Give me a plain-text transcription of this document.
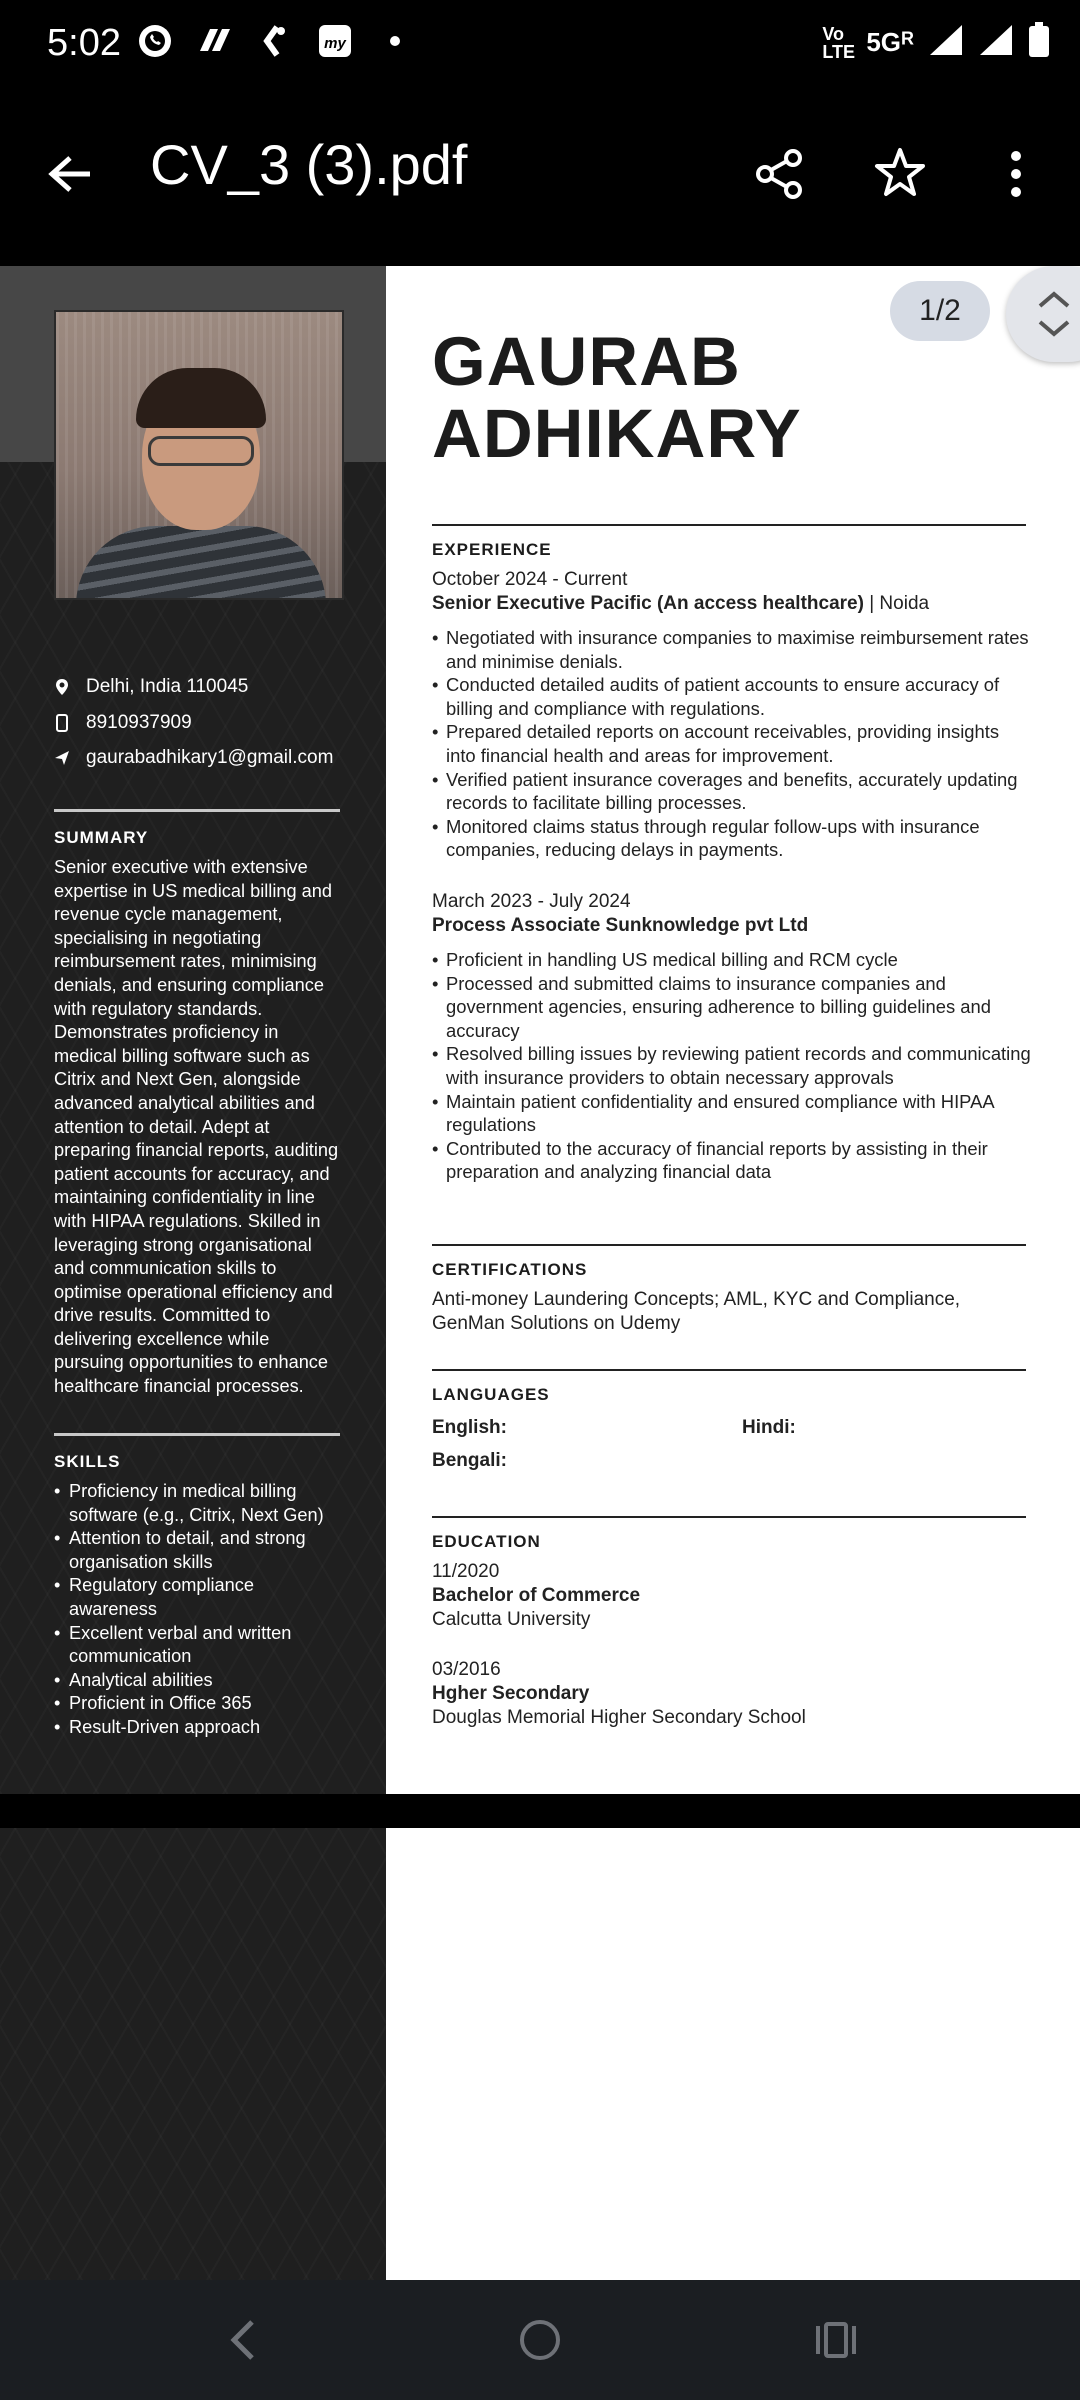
5:02	my	Vo LTE $5G^R$
CV_3 (3).pdf
Delhi, India 110045
8910937909
gaurabadhikary1@gmail.com
SUMMARY
Senior executive with extensive
expertise in US medical billing and
revenue cycle management,
specialising in negotiating
reimbursement rates, minimising
denials, and ensuring compliance
with regulatory standards.
Demonstrates proficiency in
medical billing software such as
Citrix and Next Gen, alongside
advanced analytical abilities and
attention to detail. Adept at
preparing financial reports, auditing
patient accounts for accuracy, and
maintaining confidentiality in line
with HIPAA regulations. Skilled in
leveraging strong organisational
and communication skills to
optimise operational efficiency and
drive results. Committed to
delivering excellence while
pursuing opportunities to enhance
healthcare financial processes.
SKILLS
• Proficiency in medical billing software (e.g., Citrix, Next Gen)
• Attention to detail, and strong organisation skills
• Regulatory compliance awareness
• Excellent verbal and written communication
• Analytical abilities
• Proficient in Office 365
• Result-Driven approach
1/2
GAURAB
ADHIKARY
EXPERIENCE
October 2024 - Current
Senior Executive Pacific (An access healthcare) | Noida
• Negotiated with insurance companies to maximise reimbursement rates and minimise denials.
• Conducted detailed audits of patient accounts to ensure accuracy of billing and compliance with regulations.
• Prepared detailed reports on account receivables, providing insights into financial health and areas for improvement.
• Verified patient insurance coverages and benefits, accurately updating records to facilitate billing processes.
• Monitored claims status through regular follow-ups with insurance companies, reducing delays in payments.
March 2023 - July 2024
Process Associate Sunknowledge pvt Ltd
• Proficient in handling US medical billing and RCM cycle
• Processed and submitted claims to insurance companies and government agencies, ensuring adherence to billing guidelines and accuracy
• Resolved billing issues by reviewing patient records and communicating with insurance providers to obtain necessary approvals
• Maintain patient confidentiality and ensured compliance with HIPAA regulations
• Contributed to the accuracy of financial reports by assisting in their preparation and analyzing financial data
CERTIFICATIONS
Anti-money Laundering Concepts; AML, KYC and Compliance,
GenMan Solutions on Udemy
LANGUAGES
English:	Hindi:
Bengali:
EDUCATION
11/2020
Bachelor of Commerce
Calcutta University
03/2016
Hgher Secondary
Douglas Memorial Higher Secondary School
